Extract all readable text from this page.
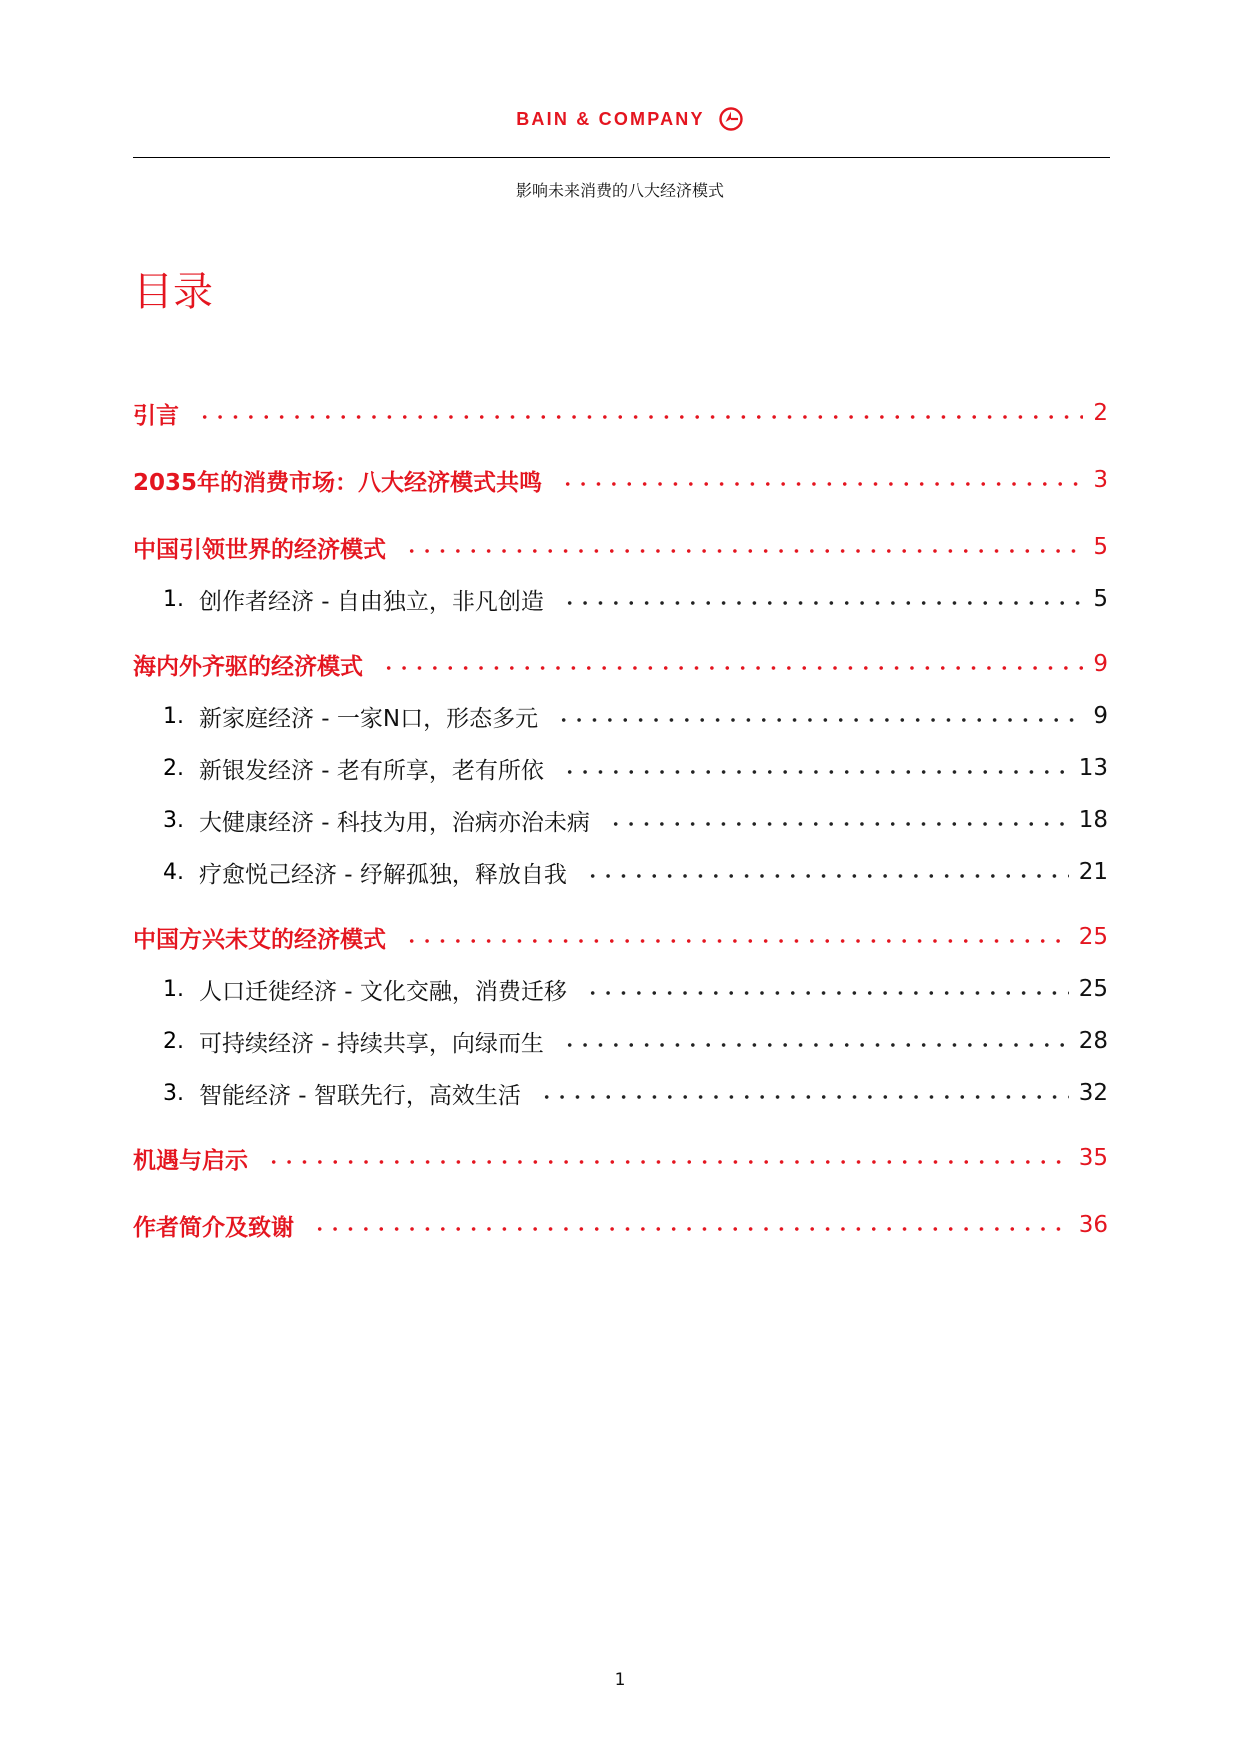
BAIN & COMPANY
影响未来消费的八大经济模式
目录
引言	2
2035年的消费市场：八大经济模式共鸣	3
中国引领世界的经济模式	5
1. 创作者经济 - 自由独立，非凡创造	5
海内外齐驱的经济模式	9
1. 新家庭经济 - 一家N口，形态多元	9
2. 新银发经济 - 老有所享，老有所依	13
3. 大健康经济 - 科技为用，治病亦治未病	18
4. 疗愈悦己经济 - 纾解孤独，释放自我	21
中国方兴未艾的经济模式	25
1. 人口迁徙经济 - 文化交融，消费迁移	25
2. 可持续经济 - 持续共享，向绿而生	28
3. 智能经济 - 智联先行，高效生活	32
机遇与启示	35
作者简介及致谢	36
1
